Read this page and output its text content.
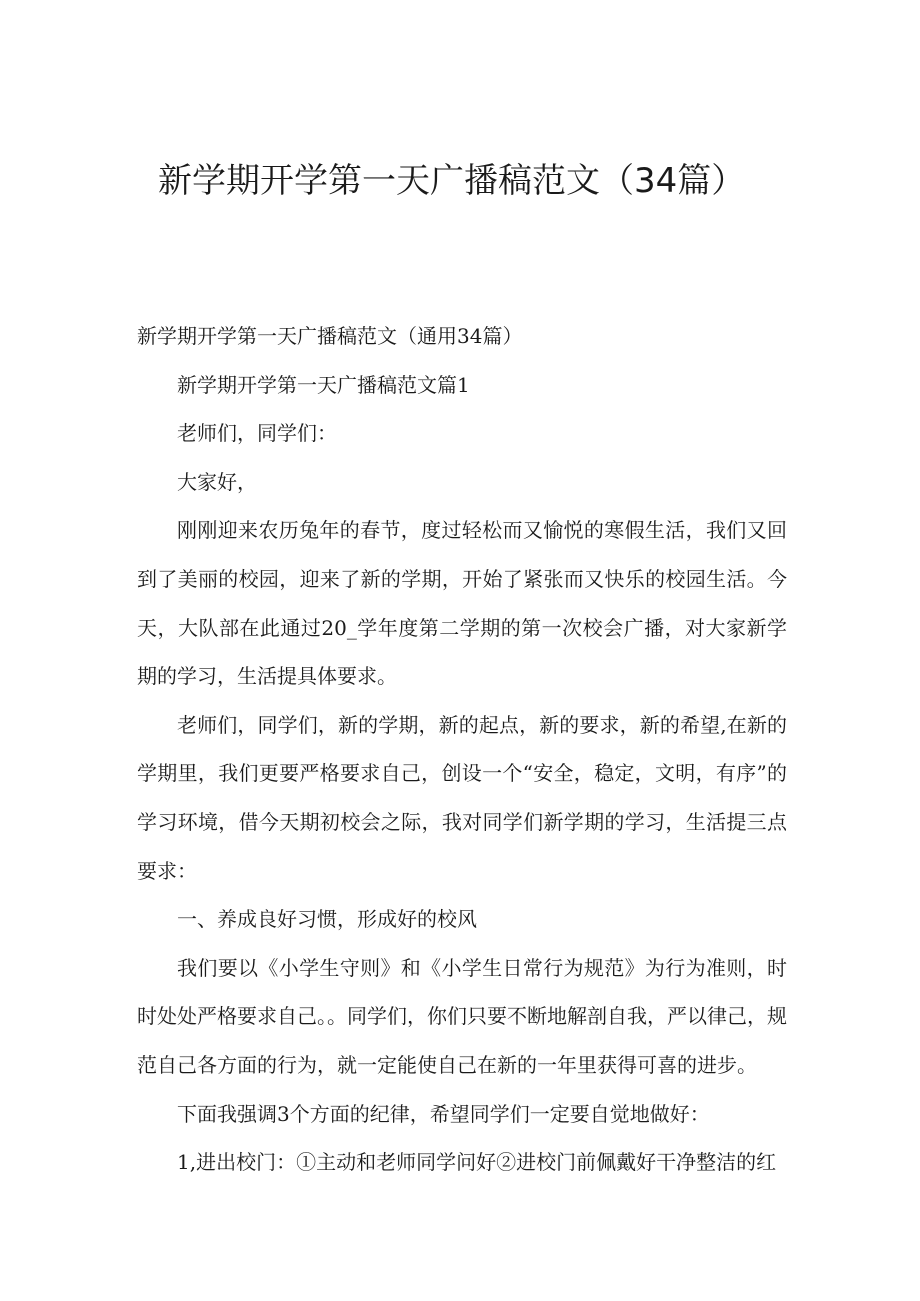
新学期开学第一天广播稿范文（34篇）

新学期开学第一天广播稿范文（通用34篇）

新学期开学第一天广播稿范文篇1

老师们，同学们：

大家好，

刚刚迎来农历兔年的春节，度过轻松而又愉悦的寒假生活，我们又回到了美丽的校园，迎来了新的学期，开始了紧张而又快乐的校园生活。今天，大队部在此通过20_学年度第二学期的第一次校会广播，对大家新学期的学习，生活提具体要求。

老师们，同学们，新的学期，新的起点，新的要求，新的希望,在新的学期里，我们更要严格要求自己，创设一个“安全，稳定，文明，有序”的学习环境，借今天期初校会之际，我对同学们新学期的学习，生活提三点要求：

一、养成良好习惯，形成好的校风

我们要以《小学生守则》和《小学生日常行为规范》为行为准则，时时处处严格要求自己。。同学们，你们只要不断地解剖自我，严以律己，规范自己各方面的行为，就一定能使自己在新的一年里获得可喜的进步。

下面我强调3个方面的纪律，希望同学们一定要自觉地做好：

1,进出校门：①主动和老师同学问好②进校门前佩戴好干净整洁的红
